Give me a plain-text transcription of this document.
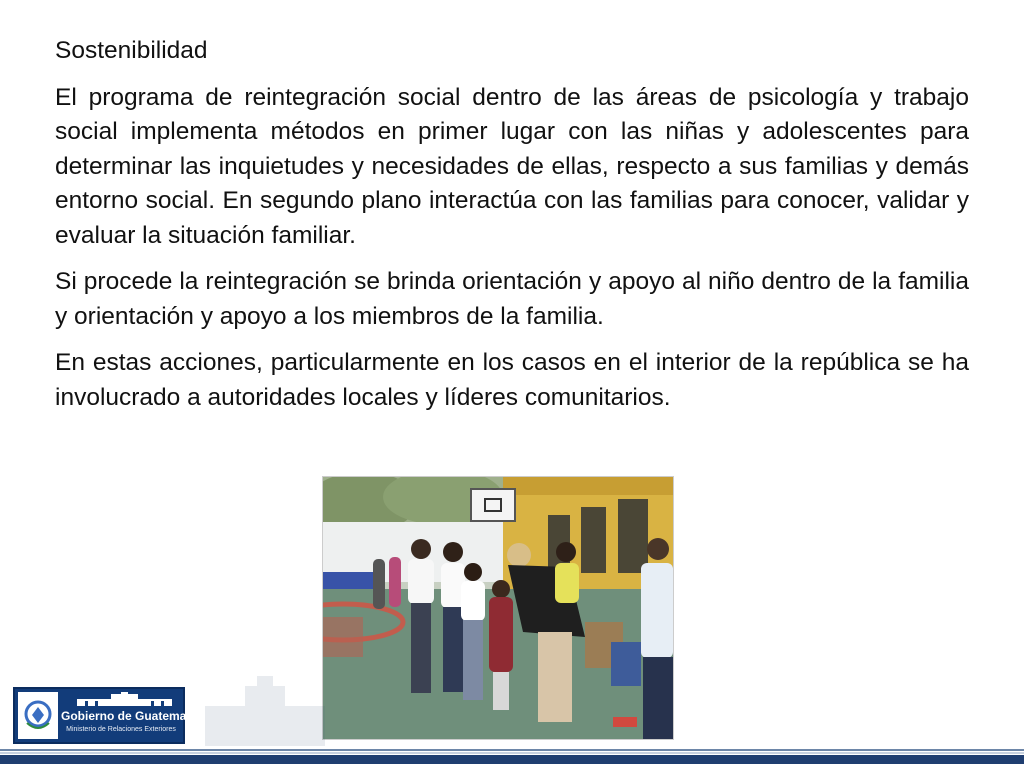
Sostenibilidad

El programa de reintegración social dentro de las áreas de psicología y trabajo social implementa métodos en primer lugar con las niñas y adolescentes para determinar las inquietudes y necesidades de ellas, respecto a sus familias y demás entorno social. En segundo plano interactúa con las familias para conocer, validar y evaluar la situación familiar.

Si procede la reintegración se brinda orientación y apoyo al niño dentro de la familia y orientación y apoyo a los miembros de la familia.

En estas acciones, particularmente en los casos en el interior de la república se ha involucrado a autoridades locales y líderes comunitarios.

Gobierno de Guatemala
Ministerio de Relaciones Exteriores
